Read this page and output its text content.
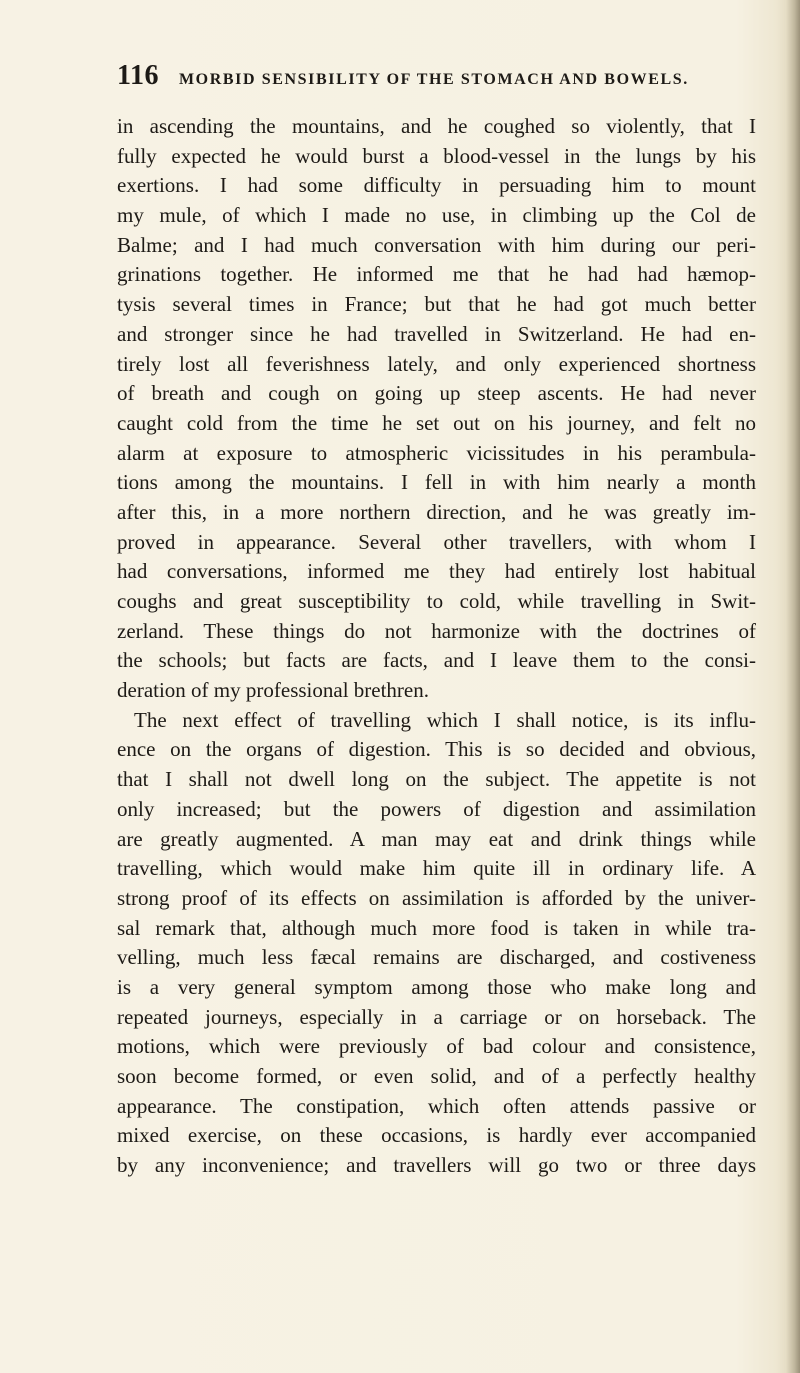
116 MORBID SENSIBILITY OF THE STOMACH AND BOWELS.
in ascending the mountains, and he coughed so violently, that I
fully expected he would burst a blood-vessel in the lungs by his
exertions. I had some difficulty in persuading him to mount
my mule, of which I made no use, in climbing up the Col de
Balme; and I had much conversation with him during our peri-
grinations together. He informed me that he had had hæmop-
tysis several times in France; but that he had got much better
and stronger since he had travelled in Switzerland. He had en-
tirely lost all feverishness lately, and only experienced shortness
of breath and cough on going up steep ascents. He had never
caught cold from the time he set out on his journey, and felt no
alarm at exposure to atmospheric vicissitudes in his perambula-
tions among the mountains. I fell in with him nearly a month
after this, in a more northern direction, and he was greatly im-
proved in appearance. Several other travellers, with whom I
had conversations, informed me they had entirely lost habitual
coughs and great susceptibility to cold, while travelling in Swit-
zerland. These things do not harmonize with the doctrines of
the schools; but facts are facts, and I leave them to the consi-
deration of my professional brethren.
The next effect of travelling which I shall notice, is its influ-
ence on the organs of digestion. This is so decided and obvious,
that I shall not dwell long on the subject. The appetite is not
only increased; but the powers of digestion and assimilation
are greatly augmented. A man may eat and drink things while
travelling, which would make him quite ill in ordinary life. A
strong proof of its effects on assimilation is afforded by the univer-
sal remark that, although much more food is taken in while tra-
velling, much less fæcal remains are discharged, and costiveness
is a very general symptom among those who make long and
repeated journeys, especially in a carriage or on horseback. The
motions, which were previously of bad colour and consistence,
soon become formed, or even solid, and of a perfectly healthy
appearance. The constipation, which often attends passive or
mixed exercise, on these occasions, is hardly ever accompanied
by any inconvenience; and travellers will go two or three days
